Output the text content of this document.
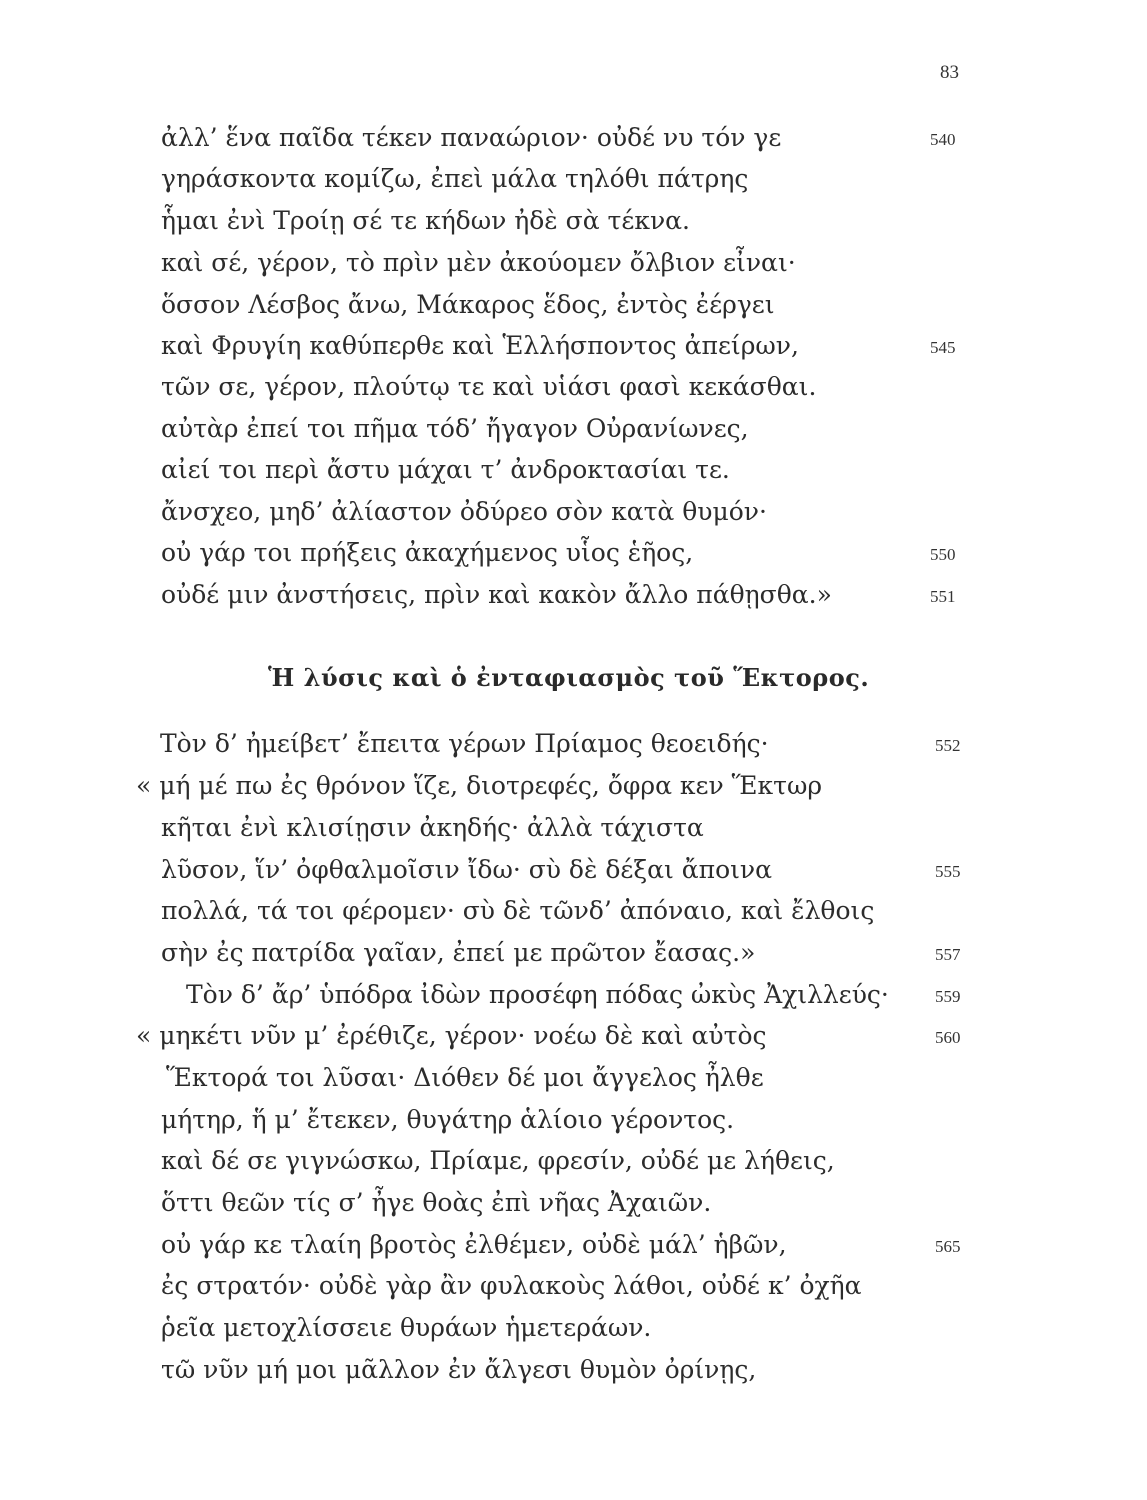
83
ἀλλ’ ἕνα παῖδα τέκεν παναώριον· οὐδέ νυ τόν γε	540
γηράσκοντα κομίζω, ἐπεὶ μάλα τηλόθι πάτρης
ἧμαι ἐνὶ Τροίῃ σέ τε κήδων ἠδὲ σὰ τέκνα.
καὶ σέ, γέρον, τὸ πρὶν μὲν ἀκούομεν ὄλβιον εἶναι·
ὅσσον Λέσβος ἄνω, Μάκαρος ἕδος, ἐντὸς ἐέργει
καὶ Φρυγίη καθύπερθε καὶ Ἑλλήσποντος ἀπείρων,	545
τῶν σε, γέρον, πλούτῳ τε καὶ υἱάσι φασὶ κεκάσθαι.
αὐτὰρ ἐπεί τοι πῆμα τόδ’ ἤγαγον Οὐρανίωνες,
αἰεί τοι περὶ ἄστυ μάχαι τ’ ἀνδροκτασίαι τε.
ἄνσχεο, μηδ’ ἀλίαστον ὀδύρεο σὸν κατὰ θυμόν·
οὐ γάρ τοι πρήξεις ἀκαχήμενος υἷος ἑῆος,	550
οὐδέ μιν ἀνστήσεις, πρὶν καὶ κακὸν ἄλλο πάθῃσθα.»	551
Ἡ λύσις καὶ ὁ ἐνταφιασμὸς τοῦ Ἕκτορος.
Τὸν δ’ ἠμείβετ’ ἔπειτα γέρων Πρίαμος θεοειδής·	552
« μή μέ πω ἐς θρόνον ἵζε, διοτρεφές, ὄφρα κεν Ἕκτωρ
κῆται ἐνὶ κλισίῃσιν ἀκηδής· ἀλλὰ τάχιστα
λῦσον, ἵν’ ὀφθαλμοῖσιν ἴδω· σὺ δὲ δέξαι ἄποινα	555
πολλά, τά τοι φέρομεν· σὺ δὲ τῶνδ’ ἀπόναιο, καὶ ἔλθοις
σὴν ἐς πατρίδα γαῖαν, ἐπεί με πρῶτον ἔασας.»	557
Τὸν δ’ ἄρ’ ὑπόδρα ἰδὼν προσέφη πόδας ὠκὺς Ἀχιλλεύς·	559
« μηκέτι νῦν μ’ ἐρέθιζε, γέρον· νοέω δὲ καὶ αὐτὸς	560
Ἕκτορά τοι λῦσαι· Διόθεν δέ μοι ἄγγελος ἦλθε
μήτηρ, ἥ μ’ ἔτεκεν, θυγάτηρ ἁλίοιο γέροντος.
καὶ δέ σε γιγνώσκω, Πρίαμε, φρεσίν, οὐδέ με λήθεις,
ὅττι θεῶν τίς σ’ ἦγε θοὰς ἐπὶ νῆας Ἀχαιῶν.
οὐ γάρ κε τλαίη βροτὸς ἐλθέμεν, οὐδὲ μάλ’ ἡβῶν,	565
ἐς στρατόν· οὐδὲ γὰρ ἂν φυλακοὺς λάθοι, οὐδέ κ’ ὀχῆα
ῥεῖα μετοχλίσσειε θυράων ἡμετεράων.
τῶ νῦν μή μοι μᾶλλον ἐν ἄλγεσι θυμὸν ὀρίνῃς,
